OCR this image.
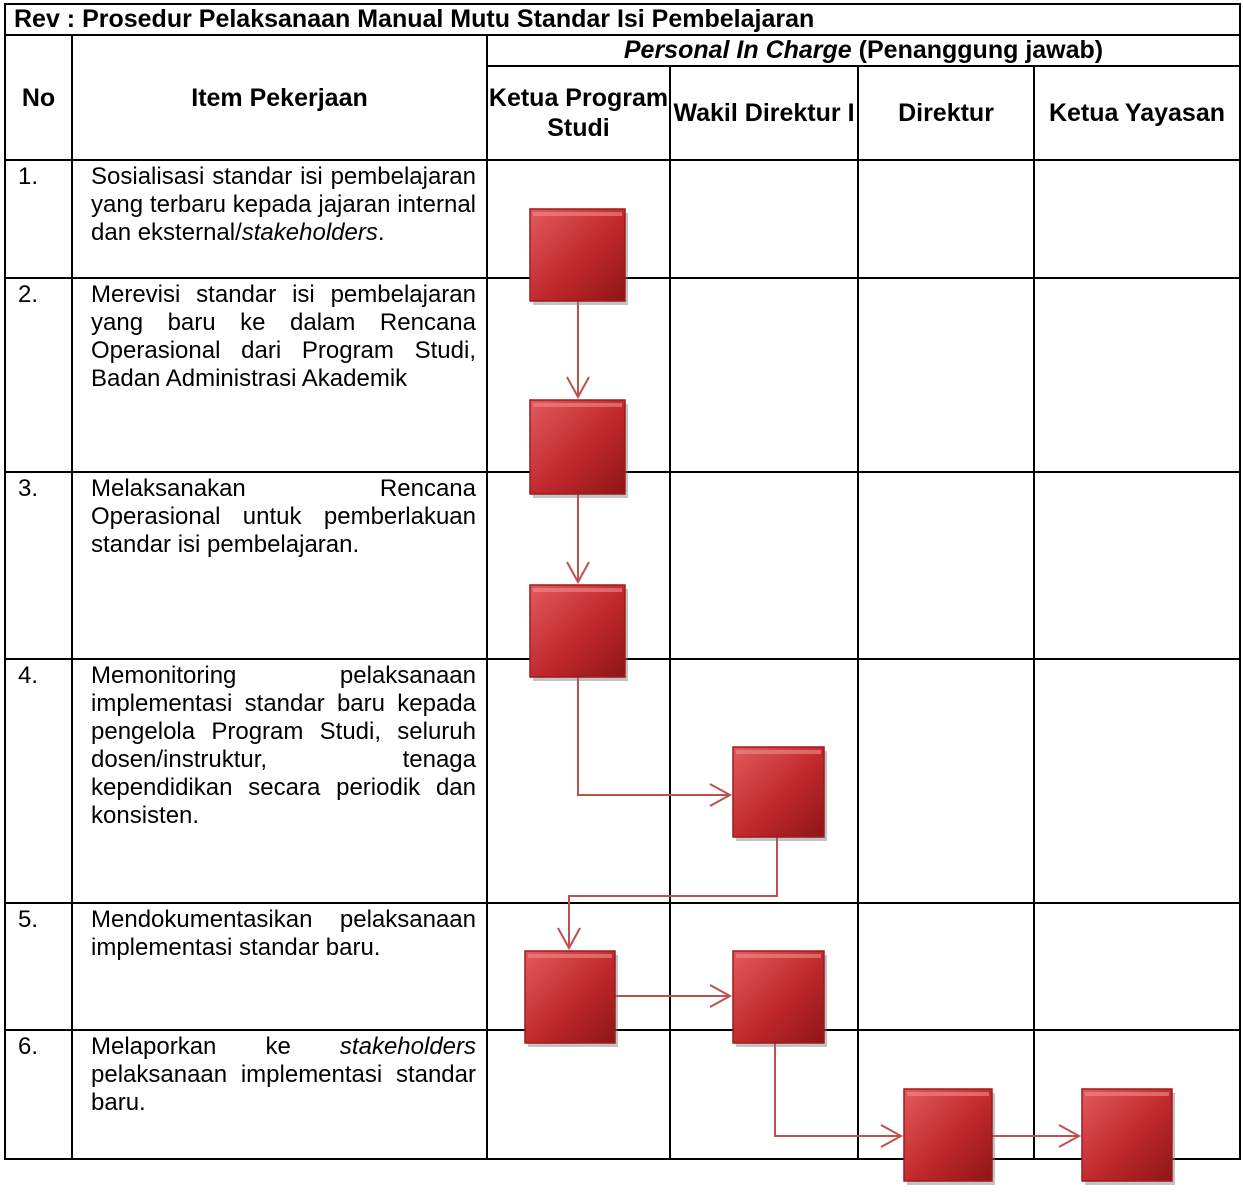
Rev : Prosedur Pelaksanaan Manual Mutu Standar Isi Pembelajaran					
No	Item Pekerjaan	Personal In Charge (Penanggung jawab)			
		Ketua Program Studi	Wakil Direktur I	Direktur	Ketua Yayasan
1.	Sosialisasi standar isi pembelajaran yang terbaru kepada jajaran internal dan eksternal/stakeholders.				
2.	Merevisi standar isi pembelajaran yang baru ke dalam Rencana Operasional dari Program Studi, Badan Administrasi Akademik				
3.	Melaksanakan Rencana Operasional untuk pemberlakuan standar isi pembelajaran.				
4.	Memonitoring pelaksanaan implementasi standar baru kepada pengelola Program Studi, seluruh dosen/instruktur, tenaga kependidikan secara periodik dan konsisten.				
5.	Mendokumentasikan pelaksanaan implementasi standar baru.				
6.	Melaporkan ke stakeholders pelaksanaan implementasi standar baru.				
